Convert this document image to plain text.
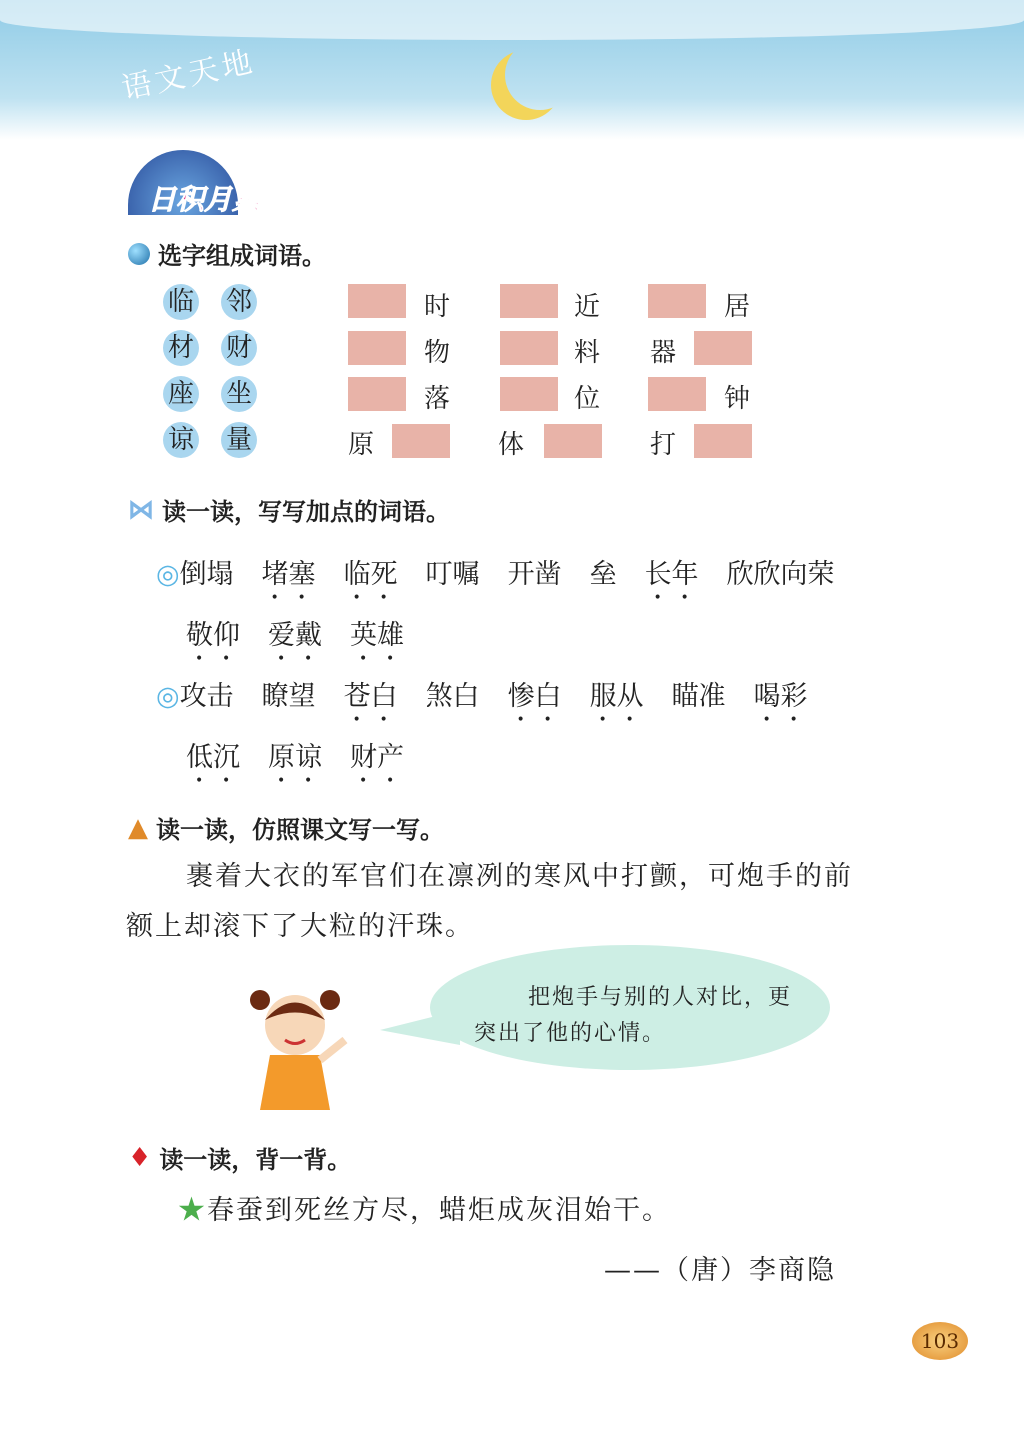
语文天地
日积月累
选字组成词语。
临 邻
材 财
座 坐
谅 量
时	近	居
物	料 器
落	位	钟
原	体	打
⋈ 读一读，写写加点的词语。
◎倒塌 堵塞 临死 叮嘱 开凿 垒 长年 欣欣向荣
敬仰 爱戴 英雄
◎攻击 瞭望 苍白 煞白 惨白 服从 瞄准 喝彩
低沉 原谅 财产
▲ 读一读，仿照课文写一写。
裹着大衣的军官们在凛冽的寒风中打颤，可炮手的前
额上却滚下了大粒的汗珠。
把炮手与别的人对比，更
突出了他的心情。
♦ 读一读，背一背。
★春蚕到死丝方尽，蜡炬成灰泪始干。
——（唐）李商隐
103
